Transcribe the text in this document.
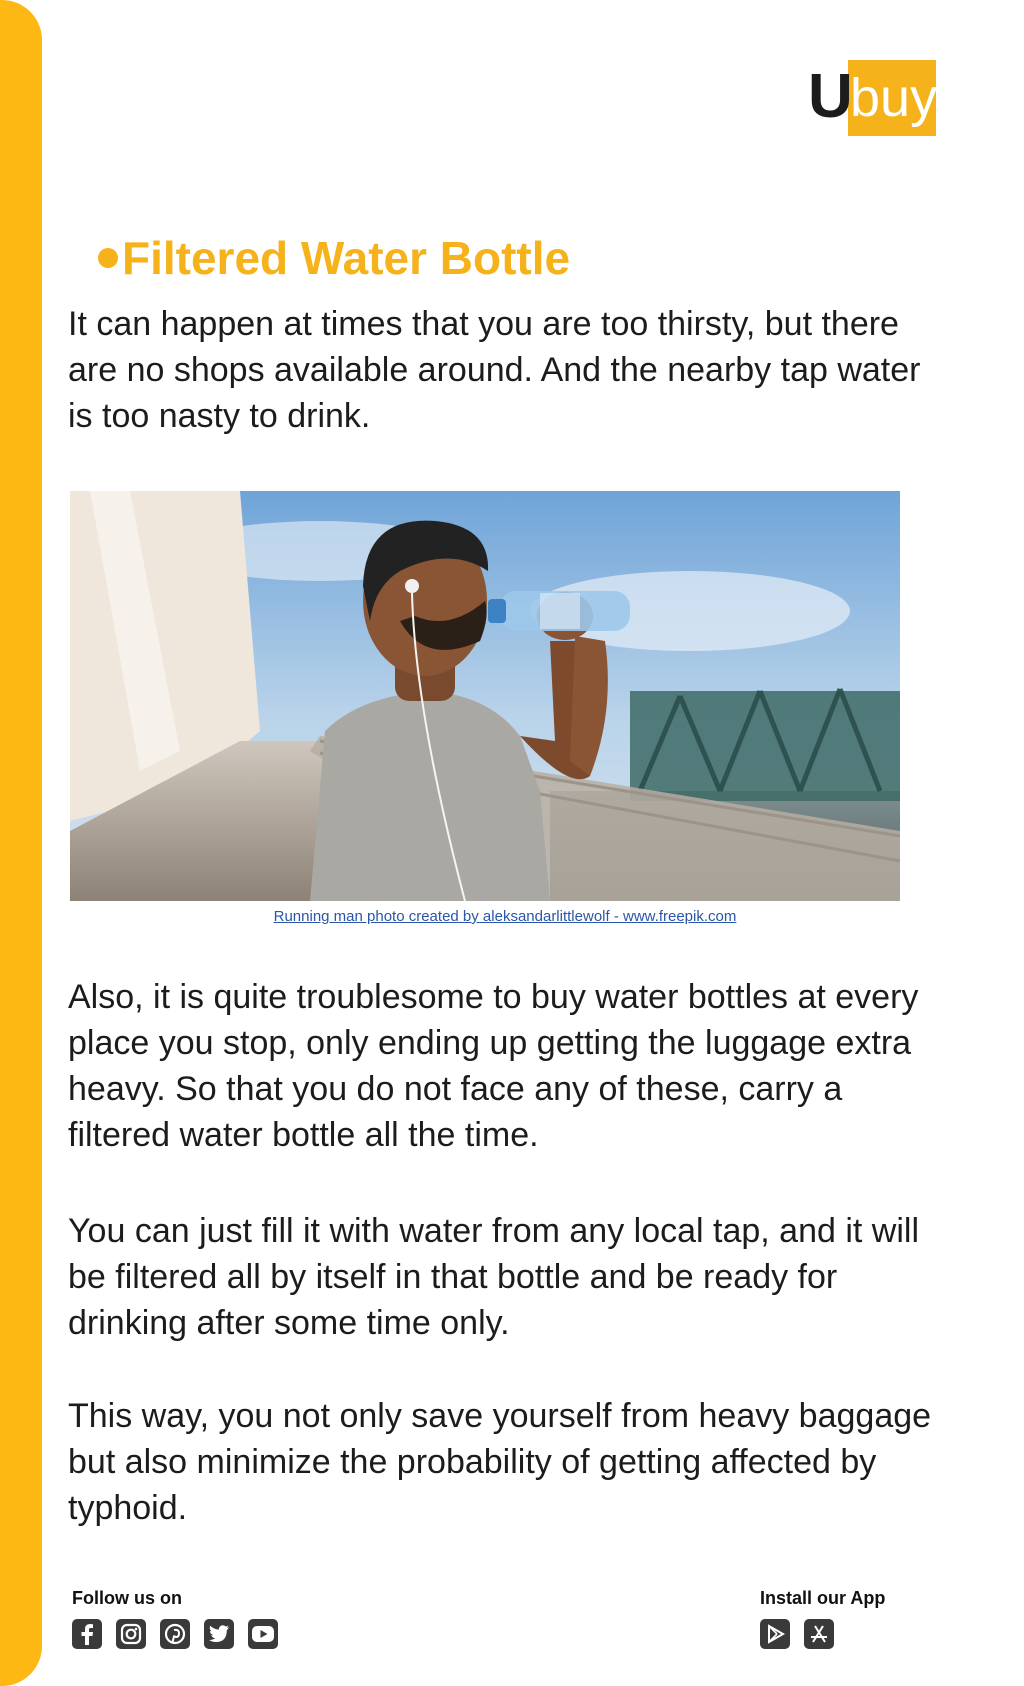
buy
U
Filtered Water Bottle

It can happen at times that you are too thirsty, but there are no shops available around. And the nearby tap water is too nasty to drink.

Running man photo created by aleksandarlittlewolf - www.freepik.com

Also, it is quite troublesome to buy water bottles at every place you stop, only ending up getting the luggage extra heavy. So that you do not face any of these, carry a filtered water bottle all the time.

You can just fill it with water from any local tap, and it will be filtered all by itself in that bottle and be ready for drinking after some time only.

This way, you not only save yourself from heavy baggage but also minimize the probability of getting affected by typhoid.

Follow us on	Install our App
